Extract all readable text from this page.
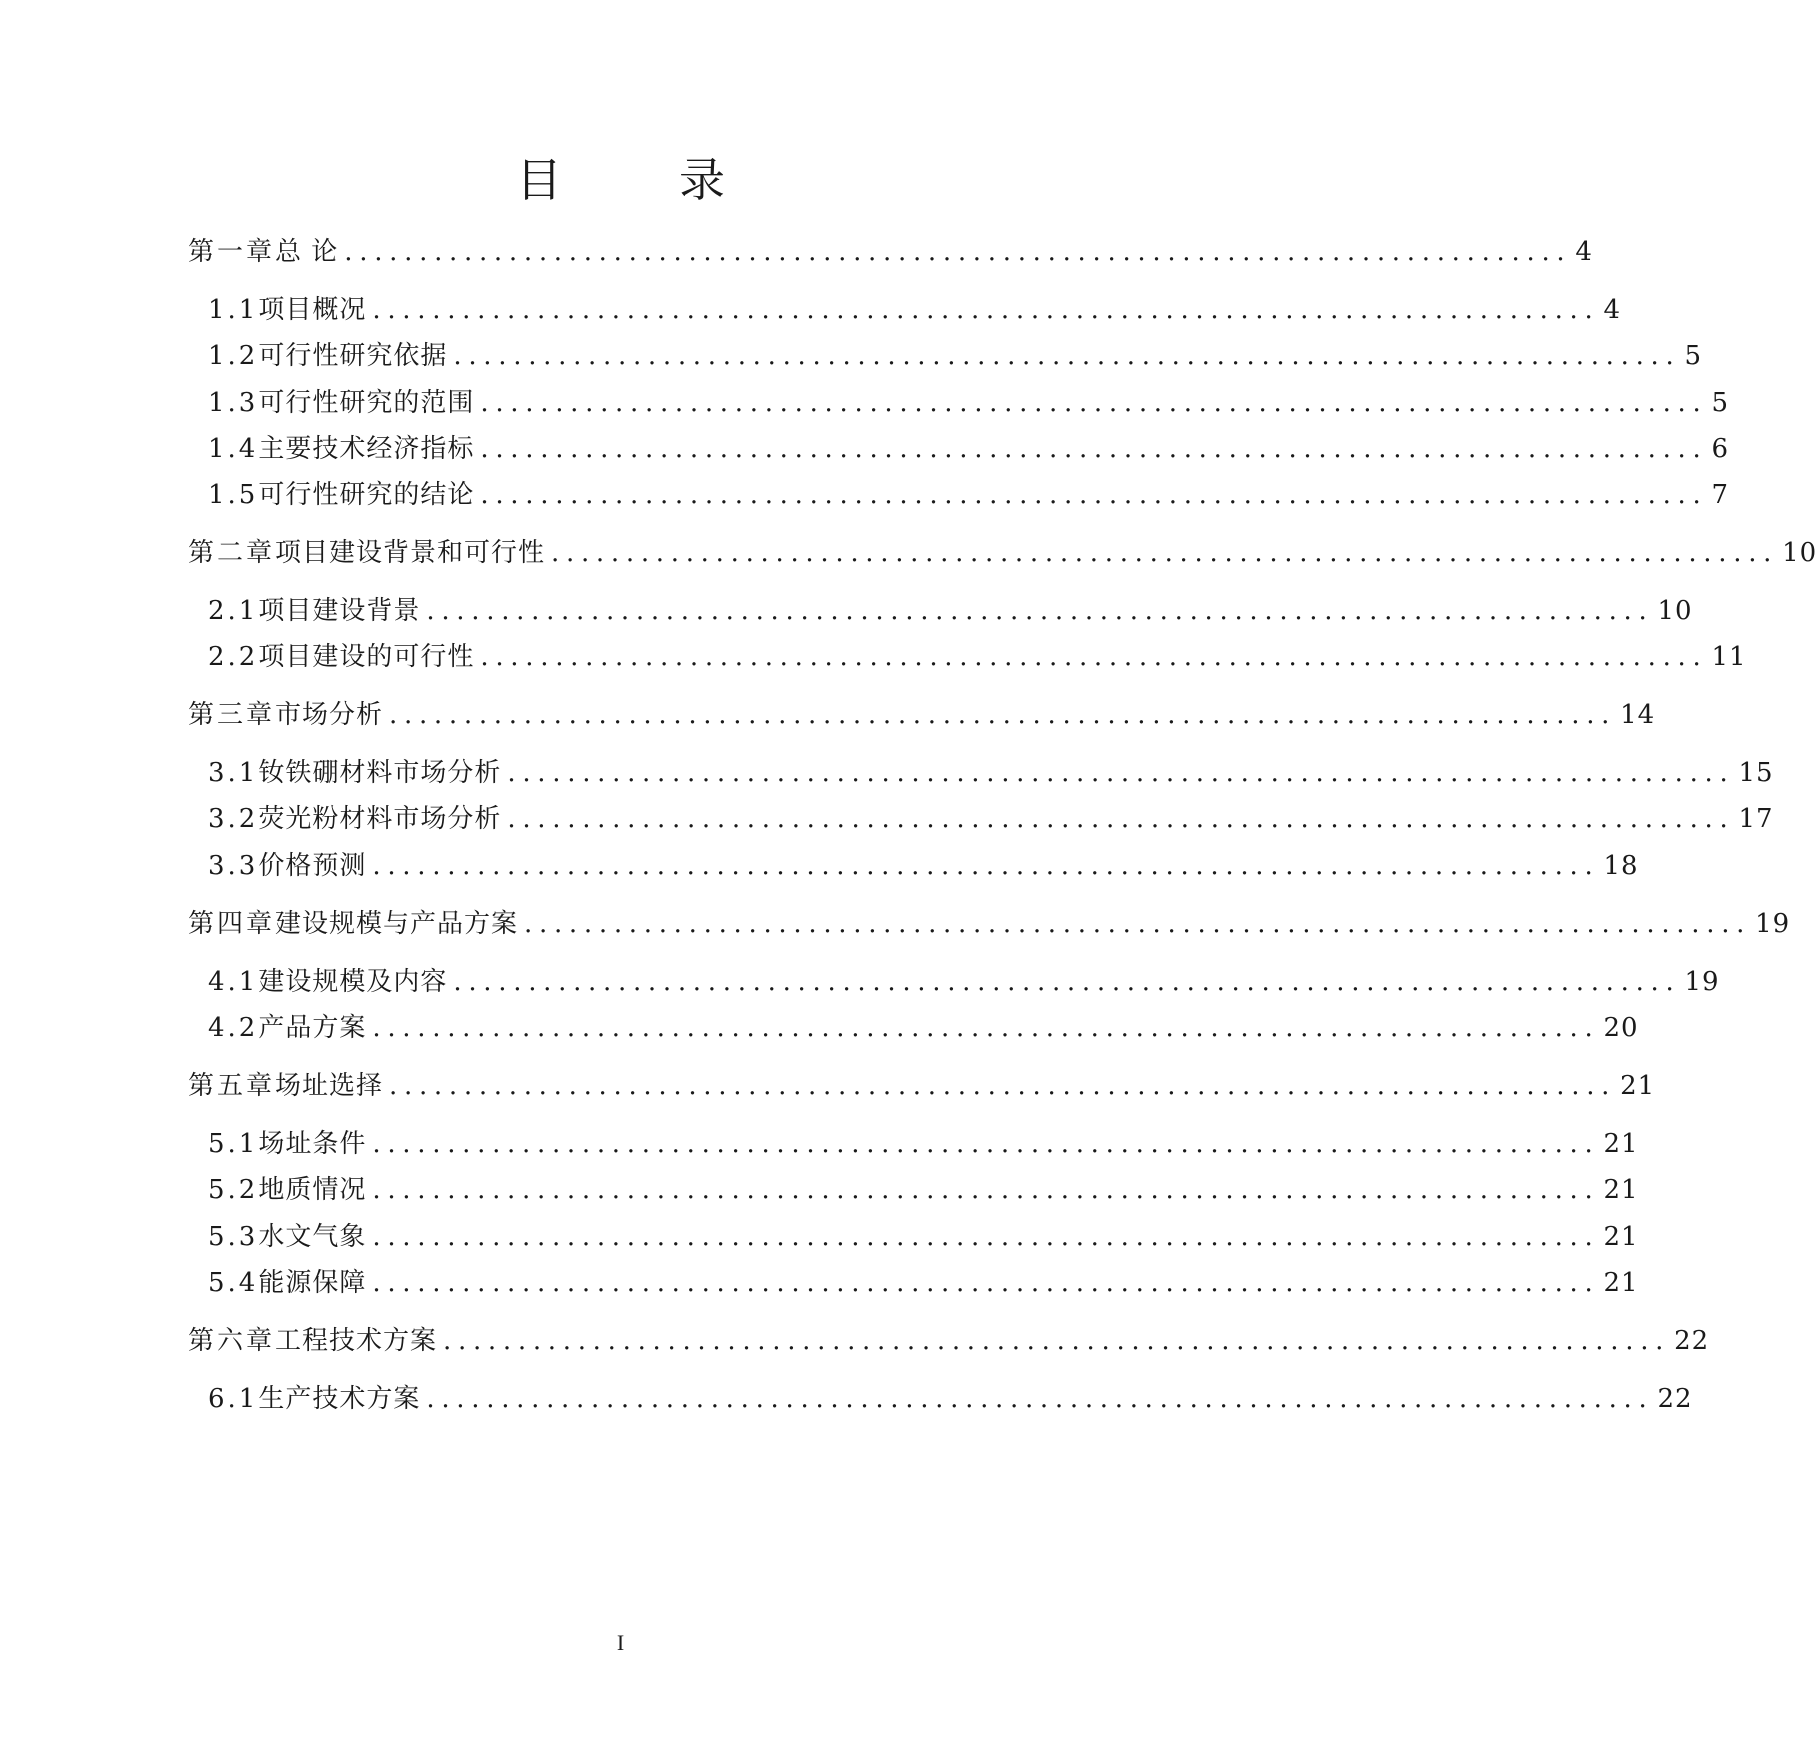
目        录
第一章 总 论 .................................................................................. 4
1.1 项目概况 .................................................................................. 4
1.2 可行性研究依据 .................................................................................. 5
1.3 可行性研究的范围 .................................................................................. 5
1.4 主要技术经济指标 .................................................................................. 6
1.5 可行性研究的结论 .................................................................................. 7
第二章 项目建设背景和可行性 .................................................................................. 10
2.1 项目建设背景 .................................................................................. 10
2.2 项目建设的可行性 .................................................................................. 11
第三章 市场分析 .................................................................................. 14
3.1 钕铁硼材料市场分析 .................................................................................. 15
3.2 荧光粉材料市场分析 .................................................................................. 17
3.3 价格预测 .................................................................................. 18
第四章 建设规模与产品方案 .................................................................................. 19
4.1 建设规模及内容 .................................................................................. 19
4.2 产品方案 .................................................................................. 20
第五章 场址选择 .................................................................................. 21
5.1 场址条件 .................................................................................. 21
5.2 地质情况 .................................................................................. 21
5.3 水文气象 .................................................................................. 21
5.4 能源保障 .................................................................................. 21
第六章 工程技术方案 .................................................................................. 22
6.1 生产技术方案 .................................................................................. 22
I
